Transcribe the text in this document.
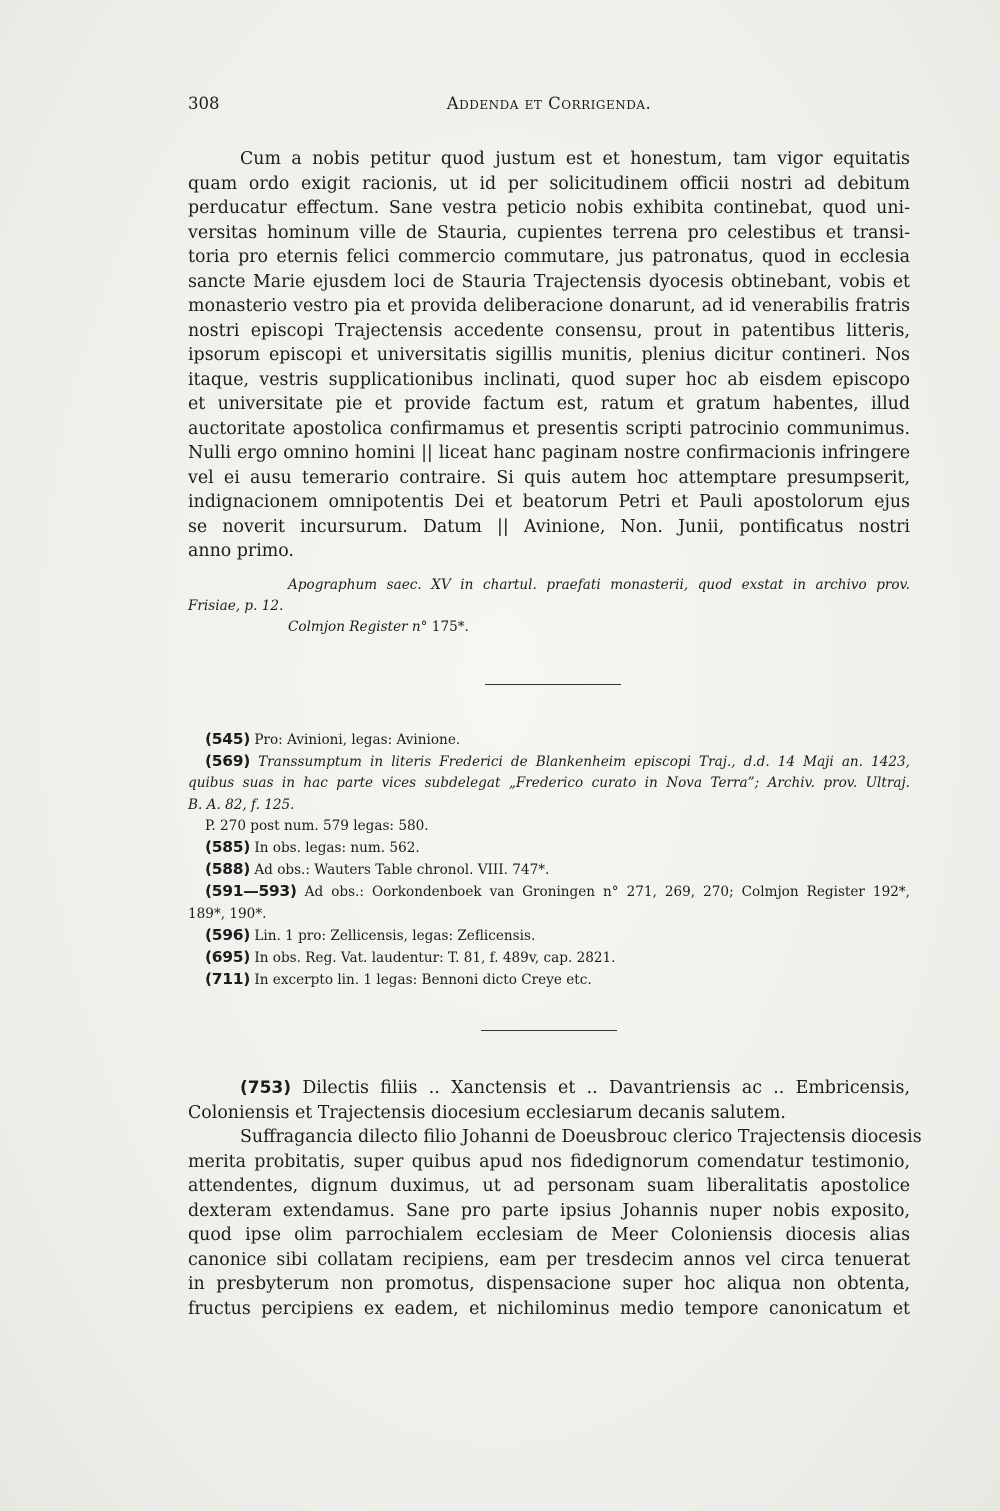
308	Addenda et Corrigenda.
Cum a nobis petitur quod justum est et honestum, tam vigor equitatis
quam ordo exigit racionis, ut id per solicitudinem officii nostri ad debitum
perducatur effectum. Sane vestra peticio nobis exhibita continebat, quod uni-
versitas hominum ville de Stauria, cupientes terrena pro celestibus et transi-
toria pro eternis felici commercio commutare, jus patronatus, quod in ecclesia
sancte Marie ejusdem loci de Stauria Trajectensis dyocesis obtinebant, vobis et
monasterio vestro pia et provida deliberacione donarunt, ad id venerabilis fratris
nostri episcopi Trajectensis accedente consensu, prout in patentibus litteris,
ipsorum episcopi et universitatis sigillis munitis, plenius dicitur contineri. Nos
itaque, vestris supplicationibus inclinati, quod super hoc ab eisdem episcopo
et universitate pie et provide factum est, ratum et gratum habentes, illud
auctoritate apostolica confirmamus et presentis scripti patrocinio communimus.
Nulli ergo omnino homini || liceat hanc paginam nostre confirmacionis infringere
vel ei ausu temerario contraire. Si quis autem hoc attemptare presumpserit,
indignacionem omnipotentis Dei et beatorum Petri et Pauli apostolorum ejus
se noverit incursurum. Datum || Avinione, Non. Junii, pontificatus nostri
anno primo.
Apographum saec. XV in chartul. praefati monasterii, quod exstat in archivo prov.
Frisiae, p. 12.
Colmjon Register n° 175*.
(545) Pro: Avinioni, legas: Avinione.
(569) Transsumptum in literis Frederici de Blankenheim episcopi Traj., d.d. 14 Maji an. 1423,
quibus suas in hac parte vices subdelegat „Frederico curato in Nova Terra”; Archiv. prov. Ultraj.
B. A. 82, f. 125.
P. 270 post num. 579 legas: 580.
(585) In obs. legas: num. 562.
(588) Ad obs.: Wauters Table chronol. VIII. 747*.
(591—593) Ad obs.: Oorkondenboek van Groningen n° 271, 269, 270; Colmjon Register 192*,
189*, 190*.
(596) Lin. 1 pro: Zellicensis, legas: Zeflicensis.
(695) In obs. Reg. Vat. laudentur: T. 81, f. 489v, cap. 2821.
(711) In excerpto lin. 1 legas: Bennoni dicto Creye etc.
(753) Dilectis filiis .. Xanctensis et .. Davantriensis ac .. Embricensis,
Coloniensis et Trajectensis diocesium ecclesiarum decanis salutem.
Suffragancia dilecto filio Johanni de Doeusbrouc clerico Trajectensis diocesis
merita probitatis, super quibus apud nos fidedignorum comendatur testimonio,
attendentes, dignum duximus, ut ad personam suam liberalitatis apostolice
dexteram extendamus. Sane pro parte ipsius Johannis nuper nobis exposito,
quod ipse olim parrochialem ecclesiam de Meer Coloniensis diocesis alias
canonice sibi collatam recipiens, eam per tresdecim annos vel circa tenuerat
in presbyterum non promotus, dispensacione super hoc aliqua non obtenta,
fructus percipiens ex eadem, et nichilominus medio tempore canonicatum et
